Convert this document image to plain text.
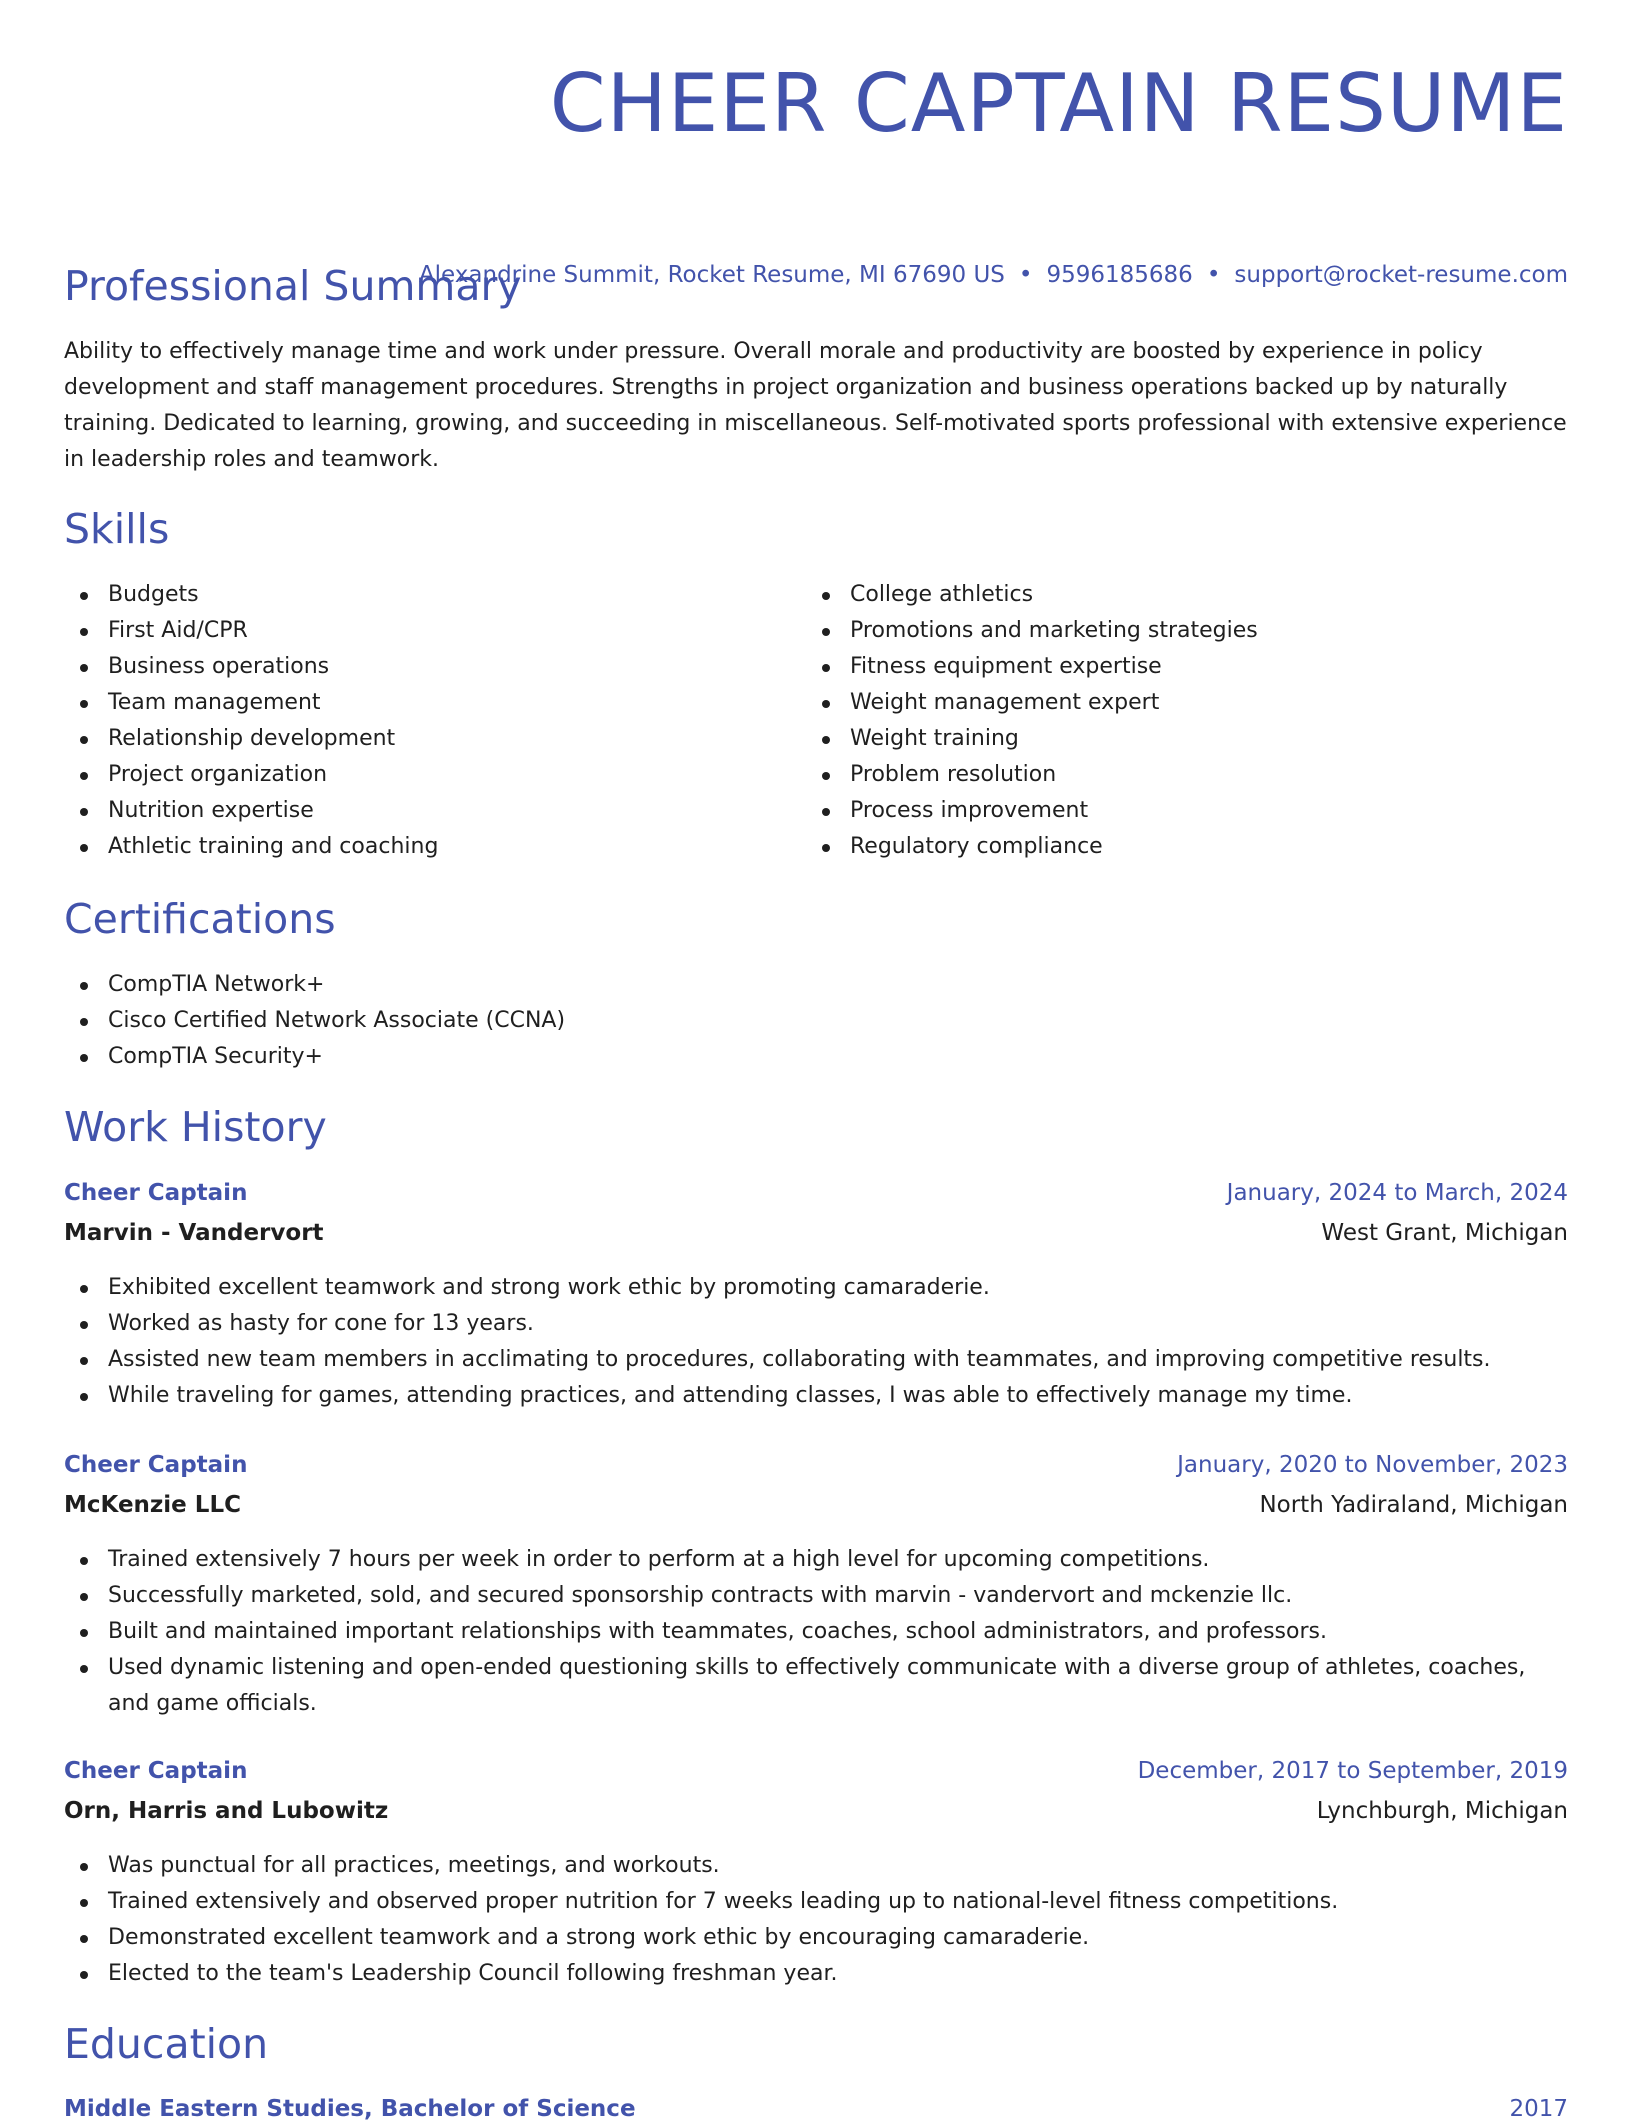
CHEER CAPTAIN RESUME
Alexandrine Summit, Rocket Resume, MI 67690 US • 9596185686 • support@rocket-resume.com
Professional Summary

Ability to effectively manage time and work under pressure. Overall morale and productivity are boosted by experience in policy development and staff management procedures. Strengths in project organization and business operations backed up by naturally training. Dedicated to learning, growing, and succeeding in miscellaneous. Self-motivated sports professional with extensive experience in leadership roles and teamwork.

Skills
Budgets
First Aid/CPR
Business operations
Team management
Relationship development
Project organization
Nutrition expertise
Athletic training and coaching
College athletics
Promotions and marketing strategies
Fitness equipment expertise
Weight management expert
Weight training
Problem resolution
Process improvement
Regulatory compliance
Certifications
CompTIA Network+
Cisco Certified Network Associate (CCNA)
CompTIA Security+
Work History
Cheer Captain	January, 2024 to March, 2024
Marvin - Vandervort	West Grant, Michigan
Exhibited excellent teamwork and strong work ethic by promoting camaraderie.
Worked as hasty for cone for 13 years.
Assisted new team members in acclimating to procedures, collaborating with teammates, and improving competitive results.
While traveling for games, attending practices, and attending classes, I was able to effectively manage my time.
Cheer Captain	January, 2020 to November, 2023
McKenzie LLC	North Yadiraland, Michigan
Trained extensively 7 hours per week in order to perform at a high level for upcoming competitions.
Successfully marketed, sold, and secured sponsorship contracts with marvin - vandervort and mckenzie llc.
Built and maintained important relationships with teammates, coaches, school administrators, and professors.
Used dynamic listening and open-ended questioning skills to effectively communicate with a diverse group of athletes, coaches, and game officials.
Cheer Captain	December, 2017 to September, 2019
Orn, Harris and Lubowitz	Lynchburgh, Michigan
Was punctual for all practices, meetings, and workouts.
Trained extensively and observed proper nutrition for 7 weeks leading up to national-level fitness competitions.
Demonstrated excellent teamwork and a strong work ethic by encouraging camaraderie.
Elected to the team's Leadership Council following freshman year.
Education
Middle Eastern Studies, Bachelor of Science	2017
